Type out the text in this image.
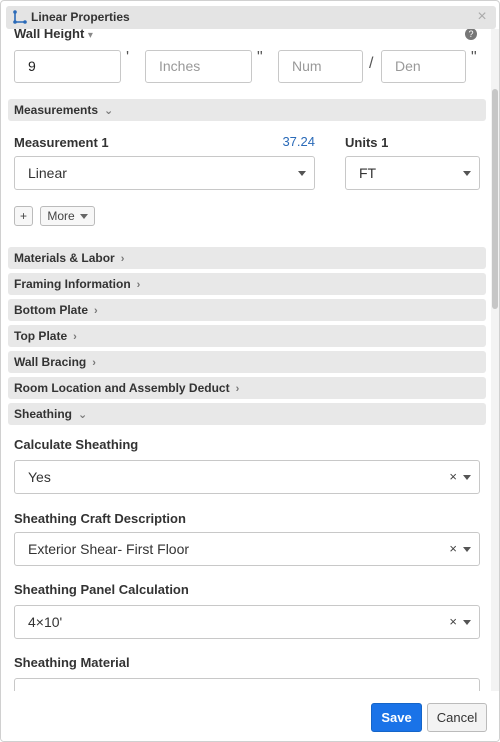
Linear Properties	×
Wall Height ▾	?
9	'	Inches	"	Num	/	Den	"
Measurements ⌄
Measurement 1	37.24 Units 1
Linear	FT
+	More
Materials & Labor ›
Framing Information ›
Bottom Plate ›
Top Plate ›
Wall Bracing ›
Room Location and Assembly Deduct ›
Sheathing ⌄
Calculate Sheathing
Yes	×
Sheathing Craft Description
Exterior Shear- First Floor	×
Sheathing Panel Calculation
4×10'	×
Sheathing Material
Save	Cancel
